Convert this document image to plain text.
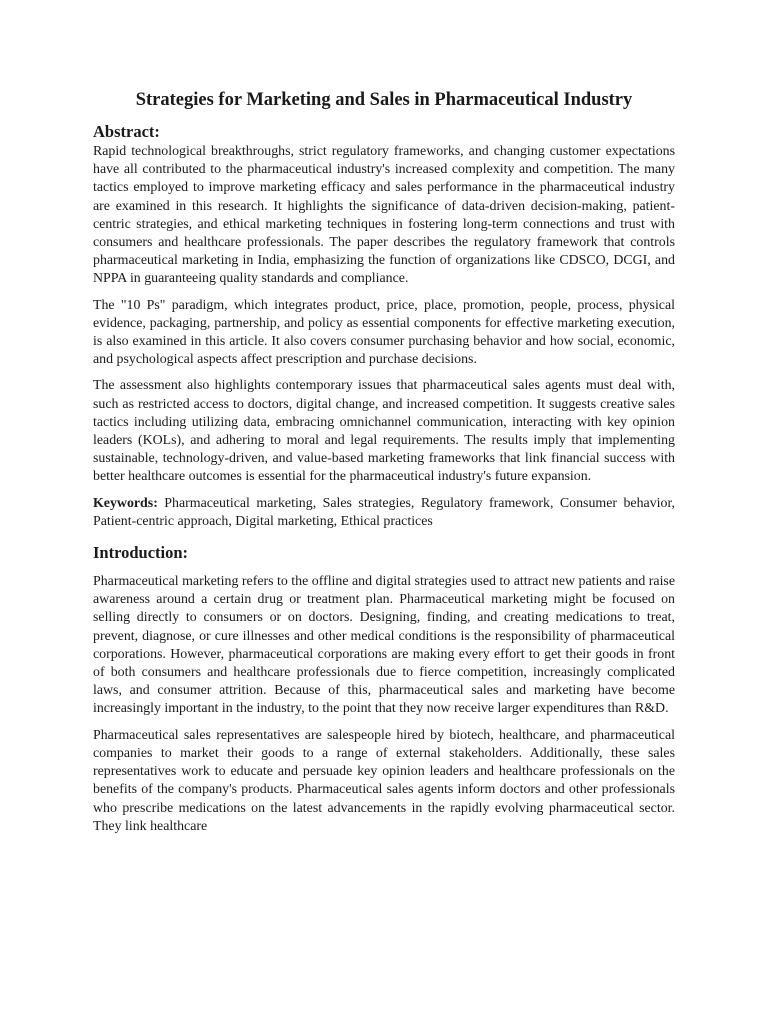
Strategies for Marketing and Sales in Pharmaceutical Industry
Abstract:

Rapid technological breakthroughs, strict regulatory frameworks, and changing customer expectations have all contributed to the pharmaceutical industry's increased complexity and competition. The many tactics employed to improve marketing efficacy and sales performance in the pharmaceutical industry are examined in this research. It highlights the significance of data-driven decision-making, patient-centric strategies, and ethical marketing techniques in fostering long-term connections and trust with consumers and healthcare professionals. The paper describes the regulatory framework that controls pharmaceutical marketing in India, emphasizing the function of organizations like CDSCO, DCGI, and NPPA in guaranteeing quality standards and compliance.

The "10 Ps" paradigm, which integrates product, price, place, promotion, people, process, physical evidence, packaging, partnership, and policy as essential components for effective marketing execution, is also examined in this article. It also covers consumer purchasing behavior and how social, economic, and psychological aspects affect prescription and purchase decisions.

The assessment also highlights contemporary issues that pharmaceutical sales agents must deal with, such as restricted access to doctors, digital change, and increased competition. It suggests creative sales tactics including utilizing data, embracing omnichannel communication, interacting with key opinion leaders (KOLs), and adhering to moral and legal requirements. The results imply that implementing sustainable, technology-driven, and value-based marketing frameworks that link financial success with better healthcare outcomes is essential for the pharmaceutical industry's future expansion.

Keywords: Pharmaceutical marketing, Sales strategies, Regulatory framework, Consumer behavior, Patient-centric approach, Digital marketing, Ethical practices

Introduction:

Pharmaceutical marketing refers to the offline and digital strategies used to attract new patients and raise awareness around a certain drug or treatment plan. Pharmaceutical marketing might be focused on selling directly to consumers or on doctors. Designing, finding, and creating medications to treat, prevent, diagnose, or cure illnesses and other medical conditions is the responsibility of pharmaceutical corporations. However, pharmaceutical corporations are making every effort to get their goods in front of both consumers and healthcare professionals due to fierce competition, increasingly complicated laws, and consumer attrition. Because of this, pharmaceutical sales and marketing have become increasingly important in the industry, to the point that they now receive larger expenditures than R&D.

Pharmaceutical sales representatives are salespeople hired by biotech, healthcare, and pharmaceutical companies to market their goods to a range of external stakeholders. Additionally, these sales representatives work to educate and persuade key opinion leaders and healthcare professionals on the benefits of the company's products. Pharmaceutical sales agents inform doctors and other professionals who prescribe medications on the latest advancements in the rapidly evolving pharmaceutical sector. They link healthcare
